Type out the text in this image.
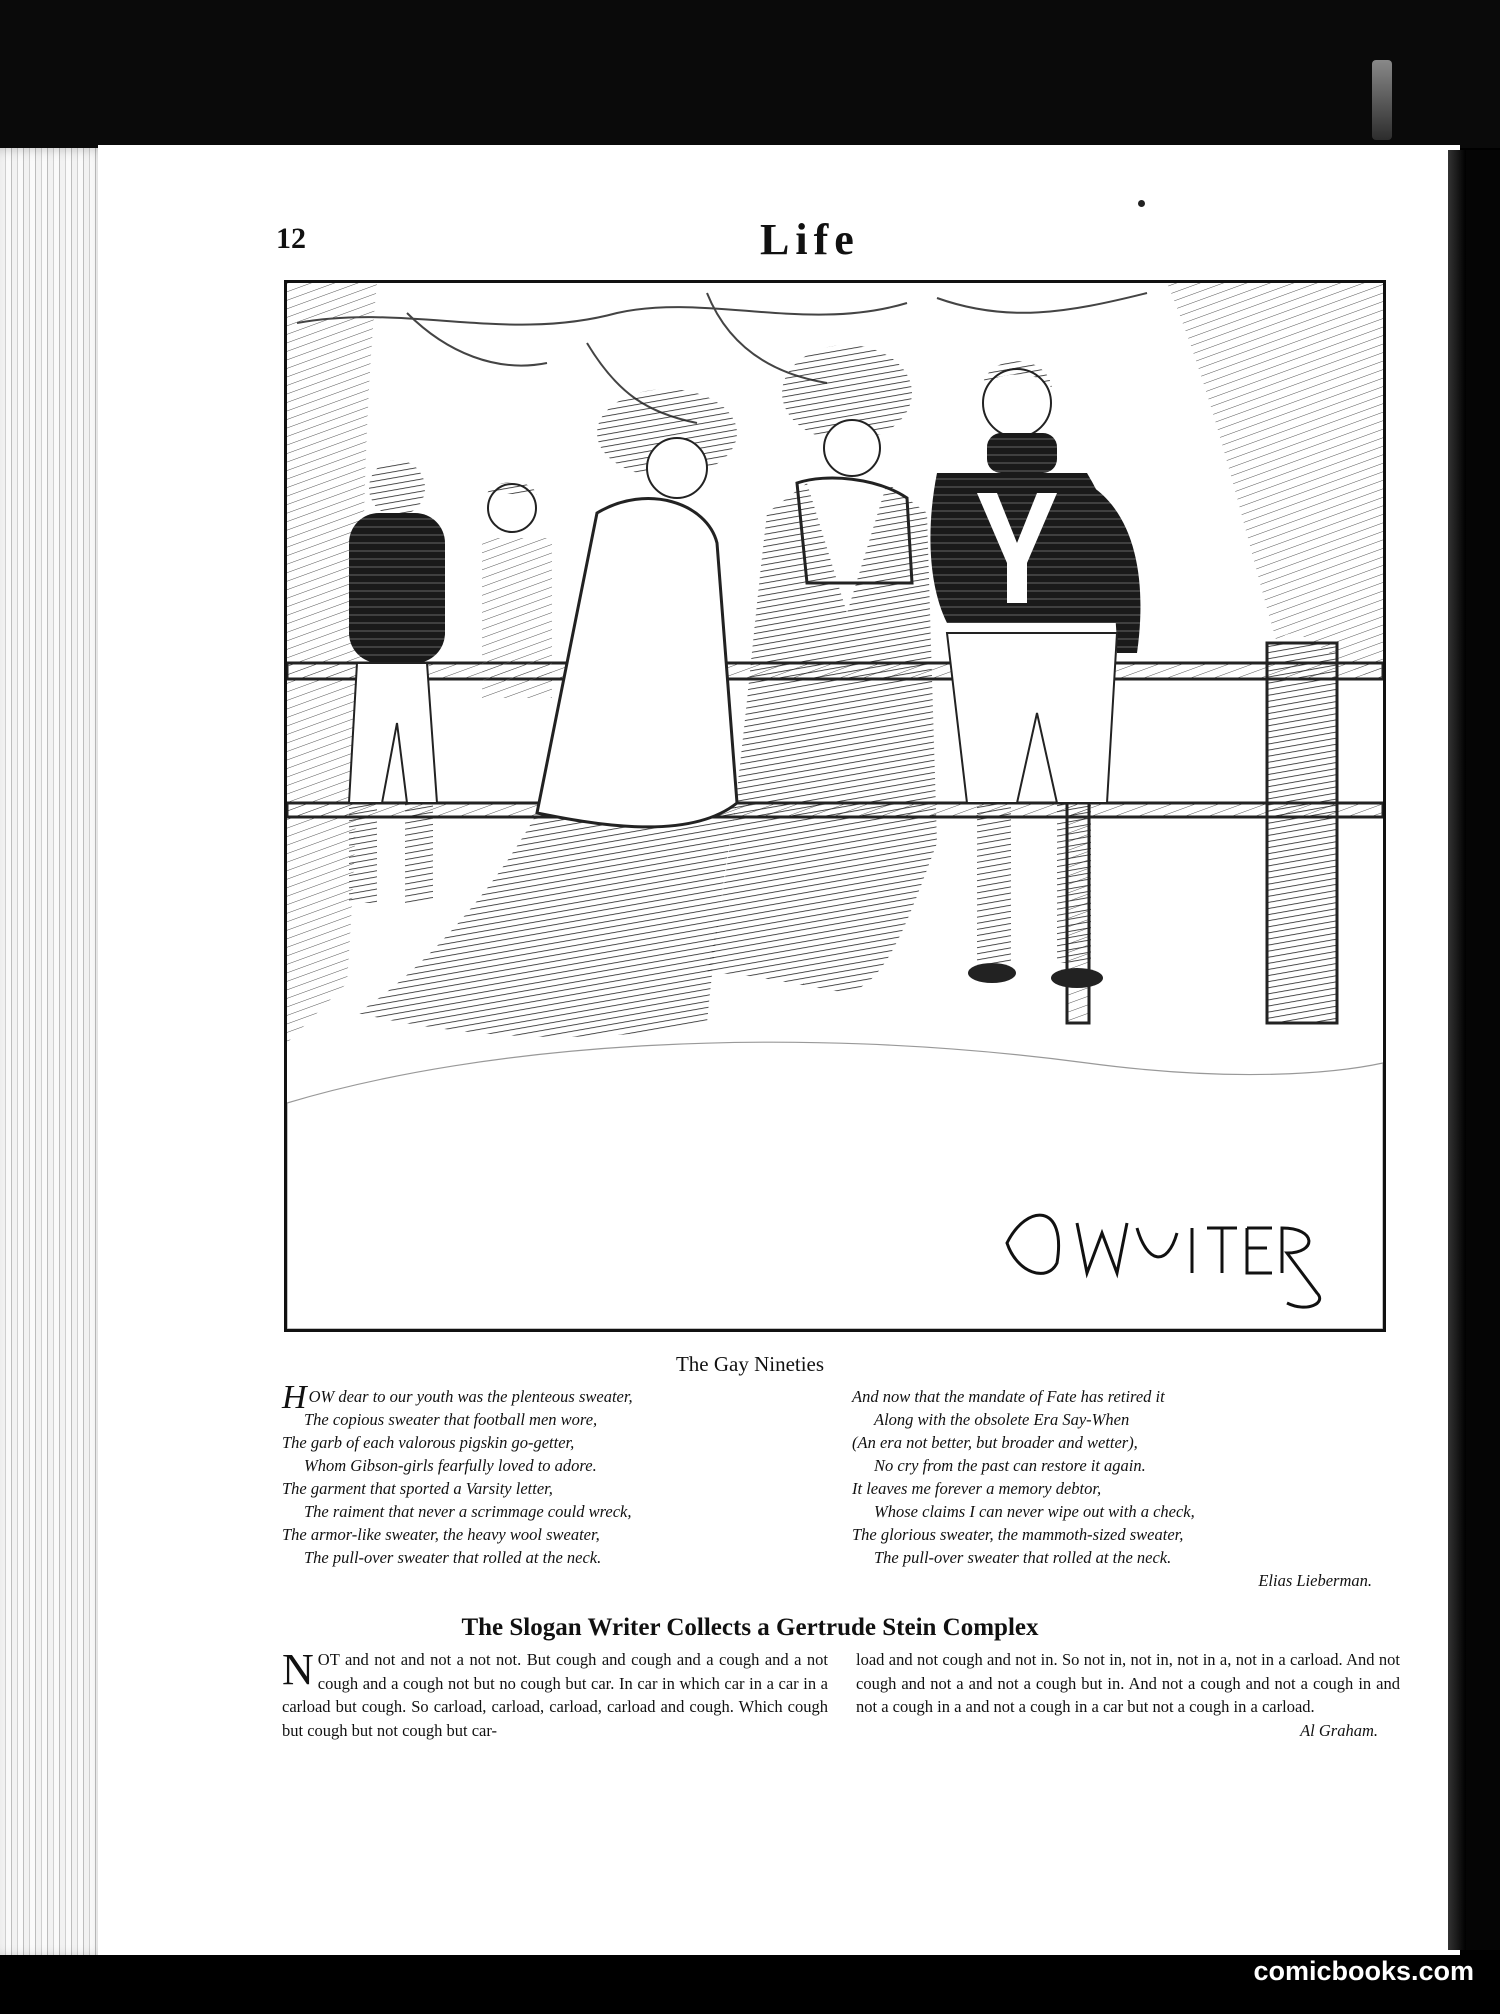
12	Life
The Gay Nineties
HOW dear to our youth was the plenteous sweater,
The copious sweater that football men wore,
The garb of each valorous pigskin go-getter,
Whom Gibson-girls fearfully loved to adore.
The garment that sported a Varsity letter,
The raiment that never a scrimmage could wreck,
The armor-like sweater, the heavy wool sweater,
The pull-over sweater that rolled at the neck.
And now that the mandate of Fate has retired it
Along with the obsolete Era Say-When
(An era not better, but broader and wetter),
No cry from the past can restore it again.
It leaves me forever a memory debtor,
Whose claims I can never wipe out with a check,
The glorious sweater, the mammoth-sized sweater,
The pull-over sweater that rolled at the neck.
Elias Lieberman.
The Slogan Writer Collects a Gertrude Stein Complex
NOT and not and not a not not. But cough and cough and a cough and a not cough and a cough not but no cough but car. In car in which car in a car in a carload but cough. So carload, carload, carload, carload and cough. Which cough but cough but not cough but car-
load and not cough and not in. So not in, not in, not in a, not in a carload. And not cough and not a and not a cough but in. And not a cough and not a cough in and not a cough in a and not a cough in a car but not a cough in a carload.
Al Graham.
comicbooks.com
